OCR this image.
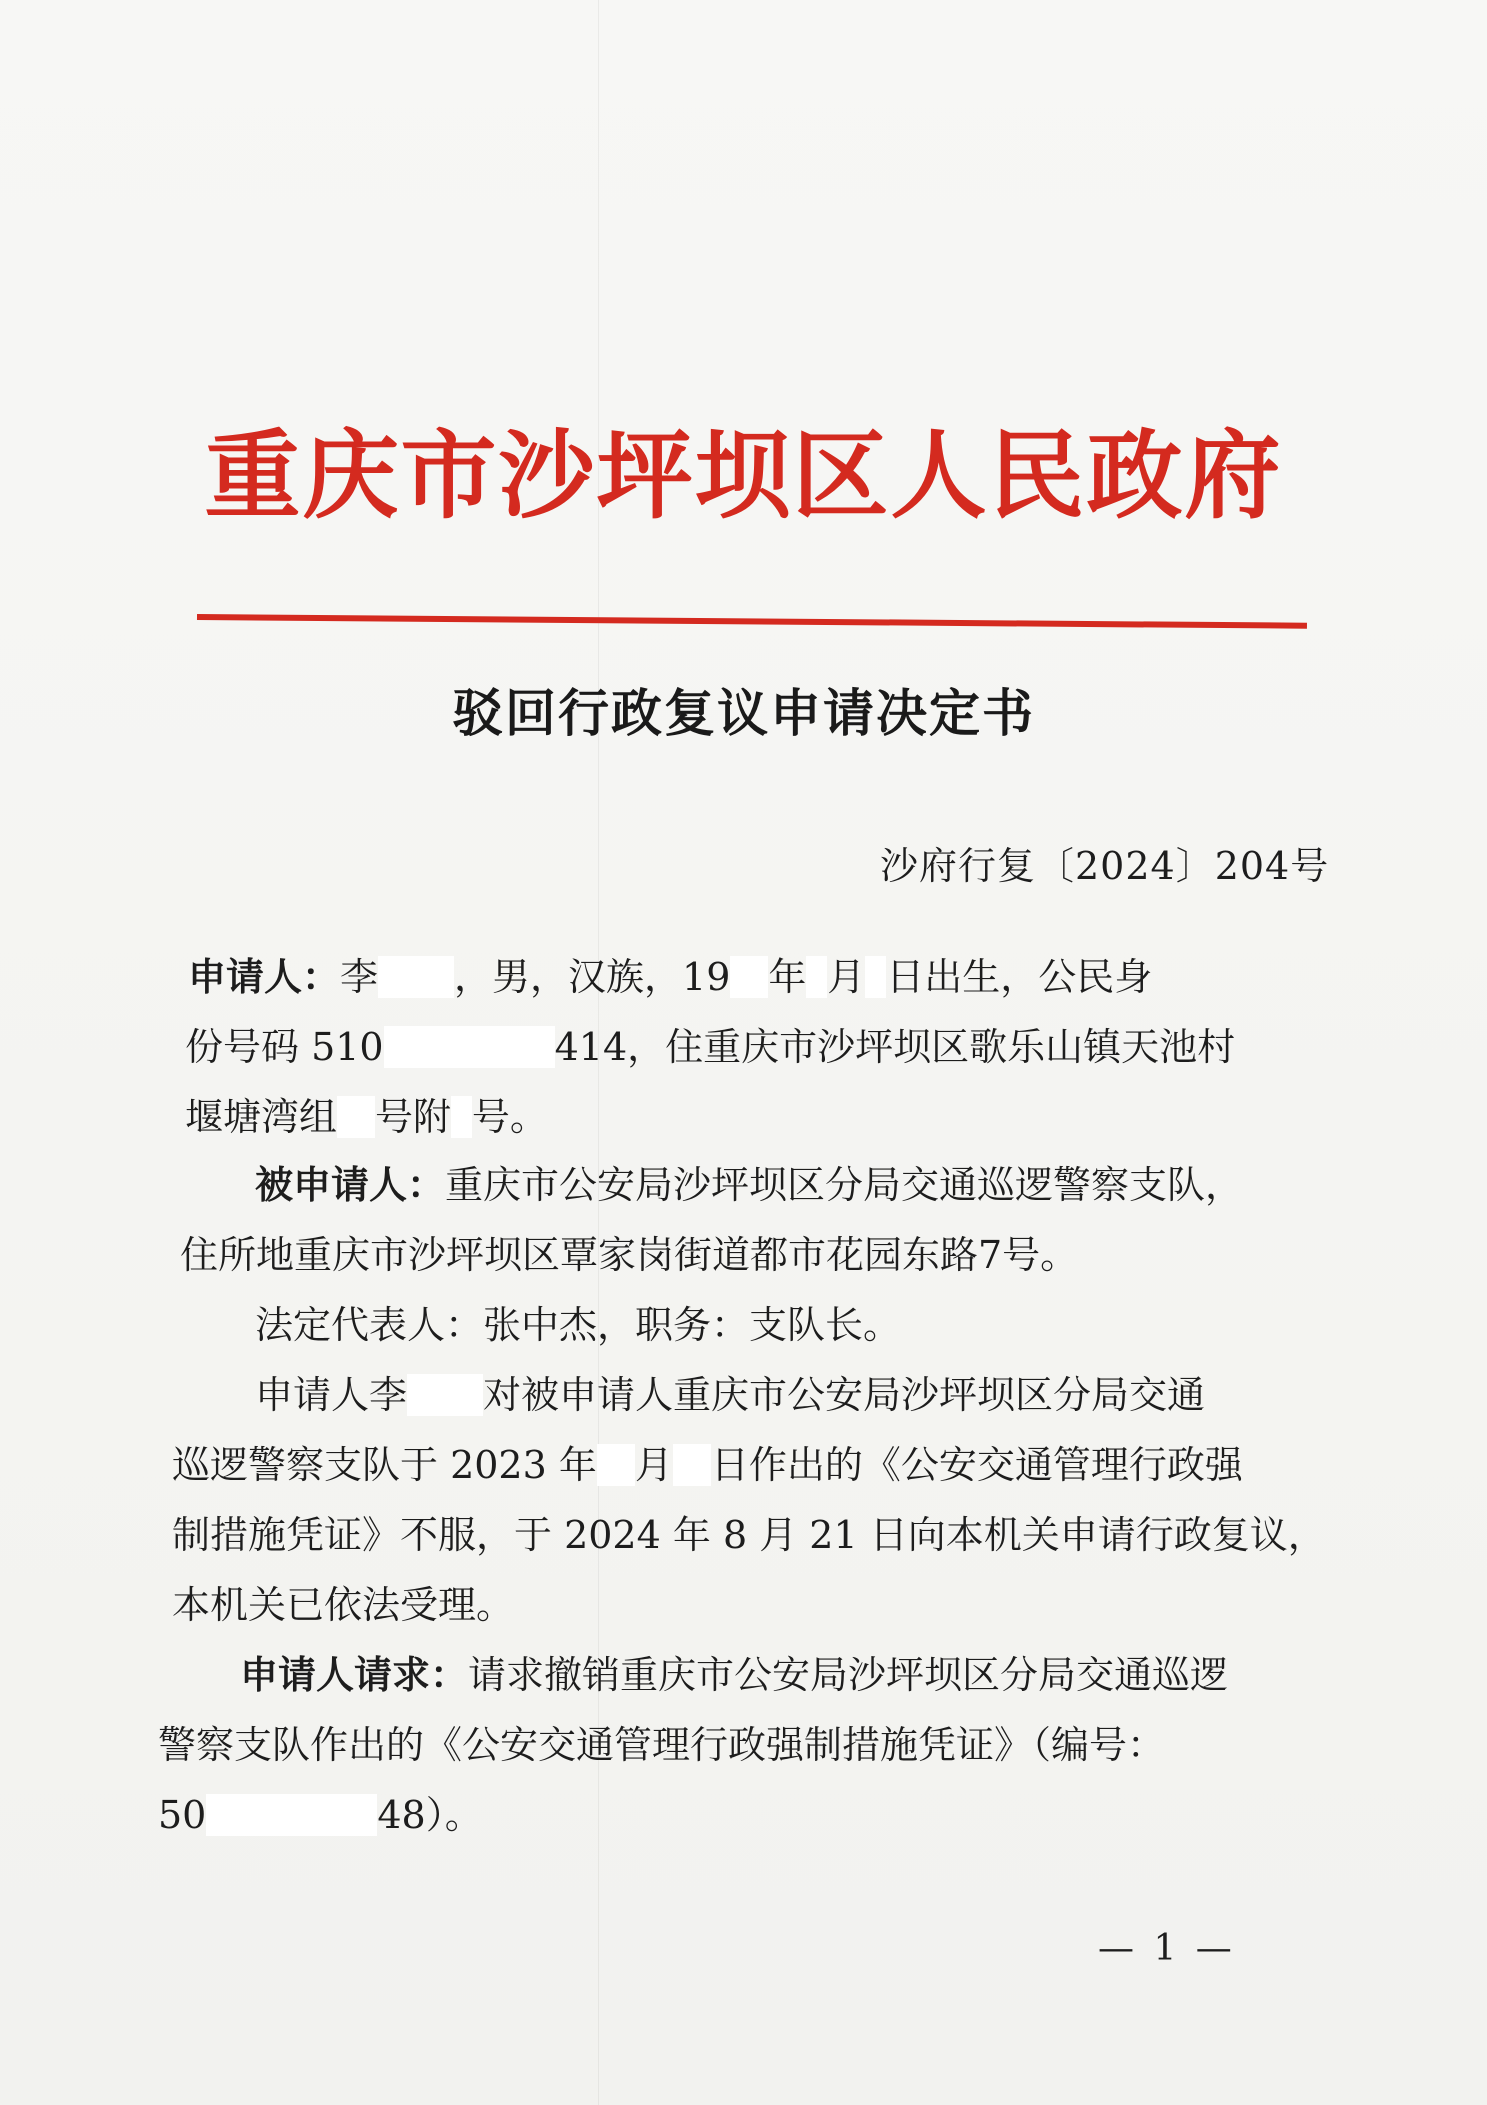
重庆市沙坪坝区人民政府
驳回行政复议申请决定书
沙府行复〔2024〕204号
申请人：李 ，男，汉族，19 年 月 日出生，公民身
份号码 510	414，住重庆市沙坪坝区歌乐山镇天池村
堰塘湾组 号附 号。
被申请人：重庆市公安局沙坪坝区分局交通巡逻警察支队，
住所地重庆市沙坪坝区覃家岗街道都市花园东路7号。
法定代表人：张中杰，职务：支队长。
申请人李 对被申请人重庆市公安局沙坪坝区分局交通
巡逻警察支队于 2023 年 月 日作出的《公安交通管理行政强
制措施凭证》不服，于 2024 年 8 月 21 日向本机关申请行政复议，
本机关已依法受理。
申请人请求：请求撤销重庆市公安局沙坪坝区分局交通巡逻
警察支队作出的《公安交通管理行政强制措施凭证》（编号：
50	48）。
— 1 —
